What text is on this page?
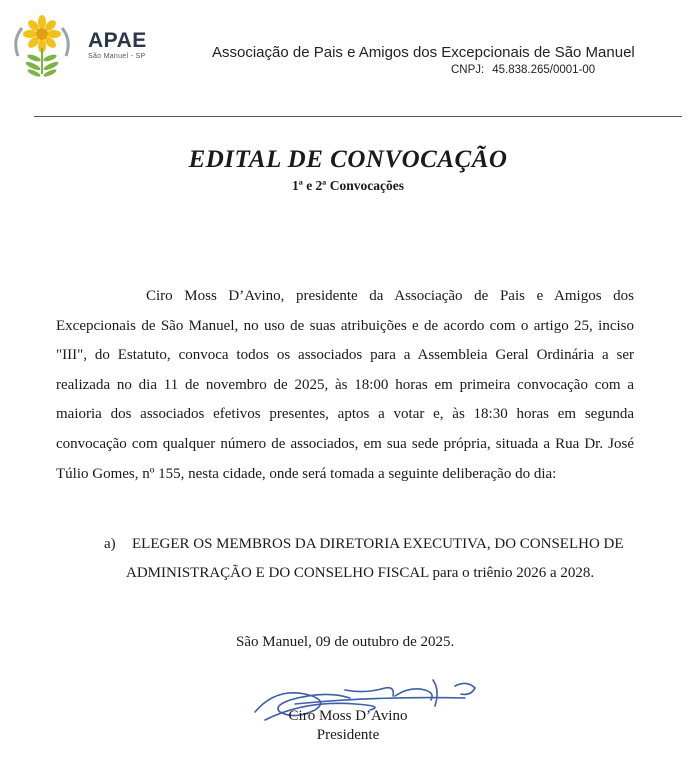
APAE
São Manuel - SP	Associação de Pais e Amigos dos Excepcionais de São Manuel
CNPJ: 45.838.265/0001-00
EDITAL DE CONVOCAÇÃO
1ª e 2ª Convocações
Ciro Moss D’Avino, presidente da Associação de Pais e Amigos dos Excepcionais de São Manuel, no uso de suas atribuições e de acordo com o artigo 25, inciso "III", do Estatuto, convoca todos os associados para a Assembleia Geral Ordinária a ser realizada no dia 11 de novembro de 2025, às 18:00 horas em primeira convocação com a maioria dos associados efetivos presentes, aptos a votar e, às 18:30 horas em segunda convocação com qualquer número de associados, em sua sede própria, situada a Rua Dr. José Túlio Gomes, nº 155, nesta cidade, onde será tomada a seguinte deliberação do dia:
a) ELEGER OS MEMBROS DA DIRETORIA EXECUTIVA, DO CONSELHO DE
ADMINISTRAÇÃO E DO CONSELHO FISCAL para o triênio 2026 a 2028.
São Manuel, 09 de outubro de 2025.
Ciro Moss D’Avino
Presidente
